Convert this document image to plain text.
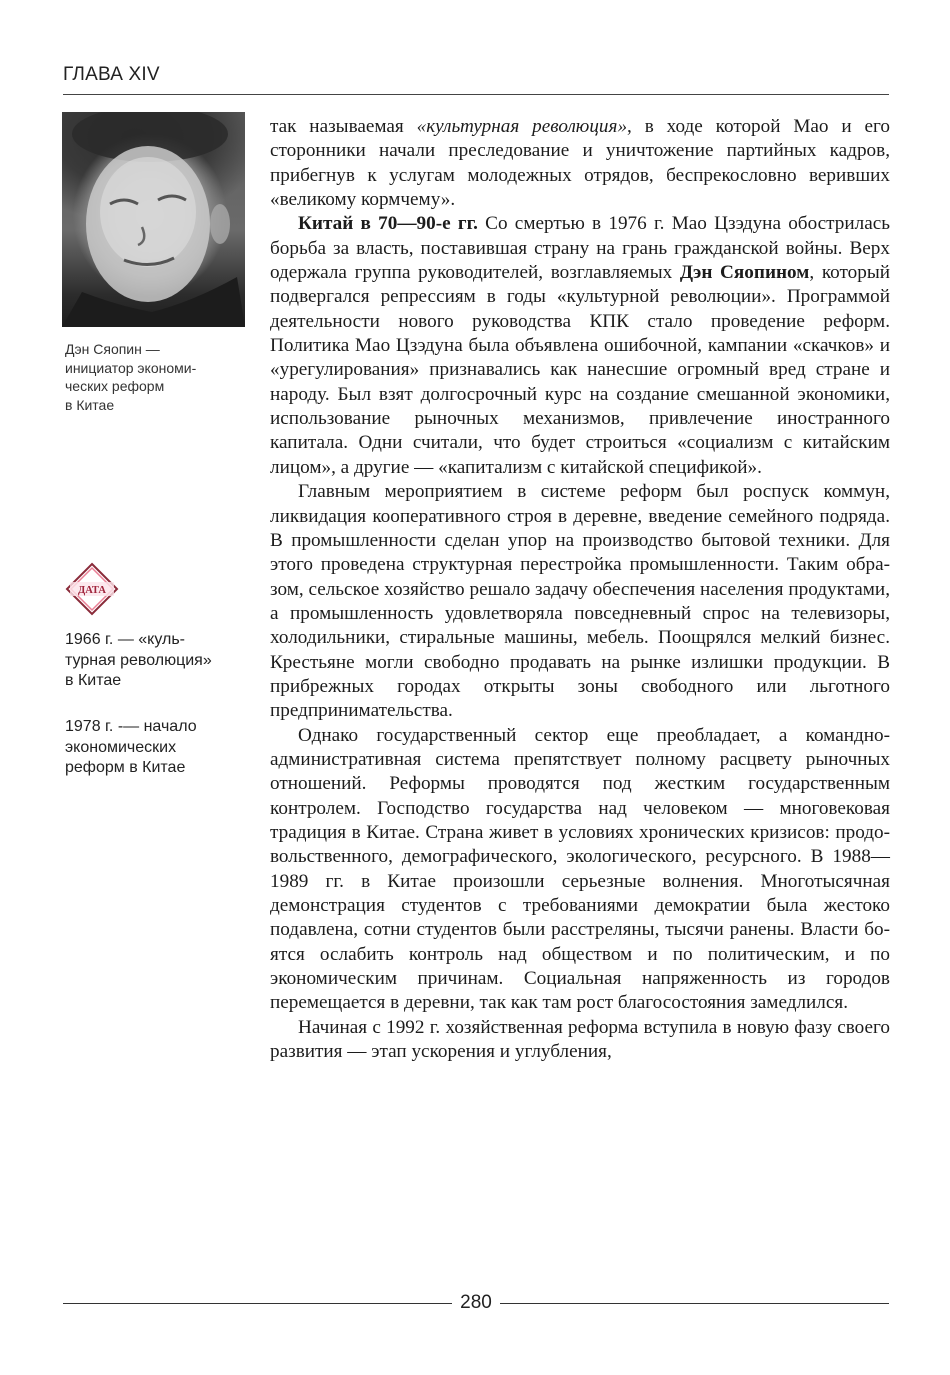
ГЛАВА XIV
Дэн Сяопин —
инициатор экономи-
ческих реформ
в Китае
ДАТА
1966 г. — «куль-
турная революция»
в Китае
1978 г. -— начало
экономических
реформ в Китае

так называемая «культурная революция», в ходе которой Мао и его сторонники начали преследование и уничтожение партийных кадров, прибегнув к услугам молодежных отрядов, беспрекословно веривших «великому кормчему».

Китай в 70—90-е гг. Со смертью в 1976 г. Мао Цзэдуна обострилась борьба за власть, поставившая страну на грань гражданской войны. Верх одержала группа руководителей, возглавляемых Дэн Сяопином, который подвергался репрессиям в годы «культурной революции». Программой деятельности нового руководства КПК стало проведение реформ. Политика Мао Цзэдуна была объявлена ошибочной, кампании «скачков» и «урегулирования» признавались как нанесшие огромный вред стране и народу. Был взят долгосрочный курс на создание смешанной экономики, использование рыночных механизмов, привлечение иностранного капитала. Одни считали, что будет строиться «социализм с китайским лицом», а другие — «капитализм с китайской спецификой».

Главным мероприятием в системе реформ был роспуск коммун, ликвидация кооперативного строя в деревне, введение семейного подряда. В промышленности сделан упор на производство бытовой техники. Для этого проведена структурная перестройка промышленности. Таким образом, сельское хозяйство решало задачу обеспечения населения продуктами, а промышленность удовлетворяла повседневный спрос на телевизоры, холодильники, стиральные машины, мебель. Поощрялся мелкий бизнес. Крестьяне могли свободно продавать на рынке излишки продукции. В прибрежных городах открыты зоны свободного или льготного предпринимательства.

Однако государственный сектор еще преобладает, а командно-административная система препятствует полному расцвету рыночных отношений. Реформы проводятся под жестким государственным контролем. Господство государства над человеком — многовековая традиция в Китае. Страна живет в условиях хронических кризисов: продовольственного, демографического, экологического, ресурсного. В 1988—1989 гг. в Китае произошли серьезные волнения. Многотысячная демонстрация студентов с требованиями демократии была жестоко подавлена, сотни студентов были расстреляны, тысячи ранены. Власти боятся ослабить контроль над обществом и по политическим, и по экономическим причинам. Социальная напряженность из городов перемещается в деревни, так как там рост благосостояния замедлился.

Начиная с 1992 г. хозяйственная реформа вступила в новую фазу своего развития — этап ускорения и углубления,

280
